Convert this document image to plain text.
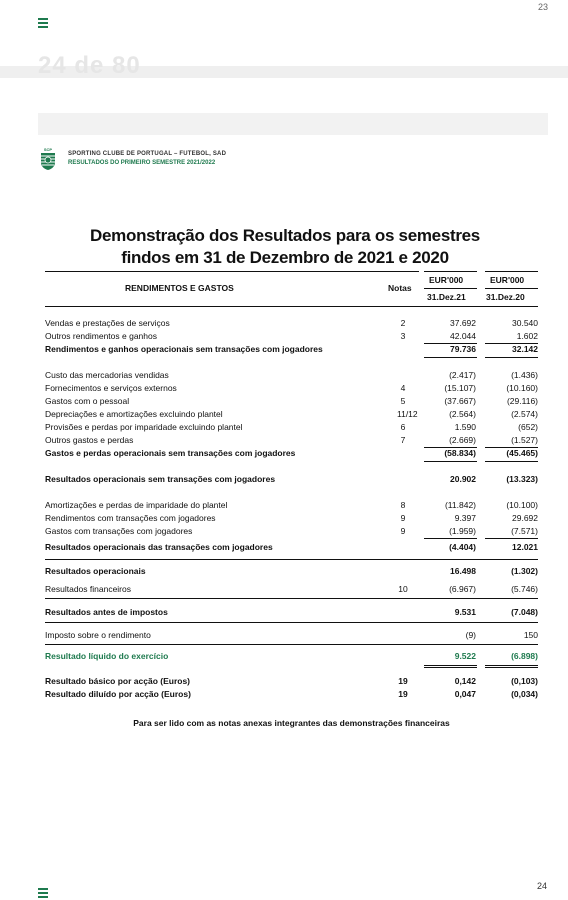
23
24 de 80
SCP
SPORTING CLUBE DE PORTUGAL – FUTEBOL, SAD
RESULTADOS DO PRIMEIRO SEMESTRE 2021/2022
Demonstração dos Resultados para os semestres
findos em 31 de Dezembro de 2021 e 2020
RENDIMENTOS E GASTOS	Notas
EUR'000	EUR'000
31.Dez.21 31.Dez.20
Vendas e prestações de serviços	2	37.692	30.540
Outros rendimentos e ganhos	3	42.044	1.602
Rendimentos e ganhos operacionais sem transações com jogadores	79.736	32.142
Custo das mercadorias vendidas	(2.417)	(1.436)
Fornecimentos e serviços externos	4	(15.107)	(10.160)
Gastos com o pessoal	5	(37.667)	(29.116)
Depreciações e amortizações excluindo plantel	11/12	(2.564)	(2.574)
Provisões e perdas por imparidade excluindo plantel	6	1.590	(652)
Outros gastos e perdas	7	(2.669)	(1.527)
Gastos e perdas operacionais sem transações com jogadores	(58.834)	(45.465)
Resultados operacionais sem transações com jogadores	20.902	(13.323)
Amortizações e perdas de imparidade do plantel	8	(11.842)	(10.100)
Rendimentos com transações com jogadores	9	9.397	29.692
Gastos com transações com jogadores	9	(1.959)	(7.571)
Resultados operacionais das transações com jogadores	(4.404)	12.021
Resultados operacionais	16.498	(1.302)
Resultados financeiros	10	(6.967)	(5.746)
Resultados antes de impostos	9.531	(7.048)
Imposto sobre o rendimento	(9)	150
Resultado líquido do exercício	9.522	(6.898)
Resultado básico por acção (Euros)	19	0,142	(0,103)
Resultado diluído por acção (Euros)	19	0,047	(0,034)
Para ser lido com as notas anexas integrantes das demonstrações financeiras
24
